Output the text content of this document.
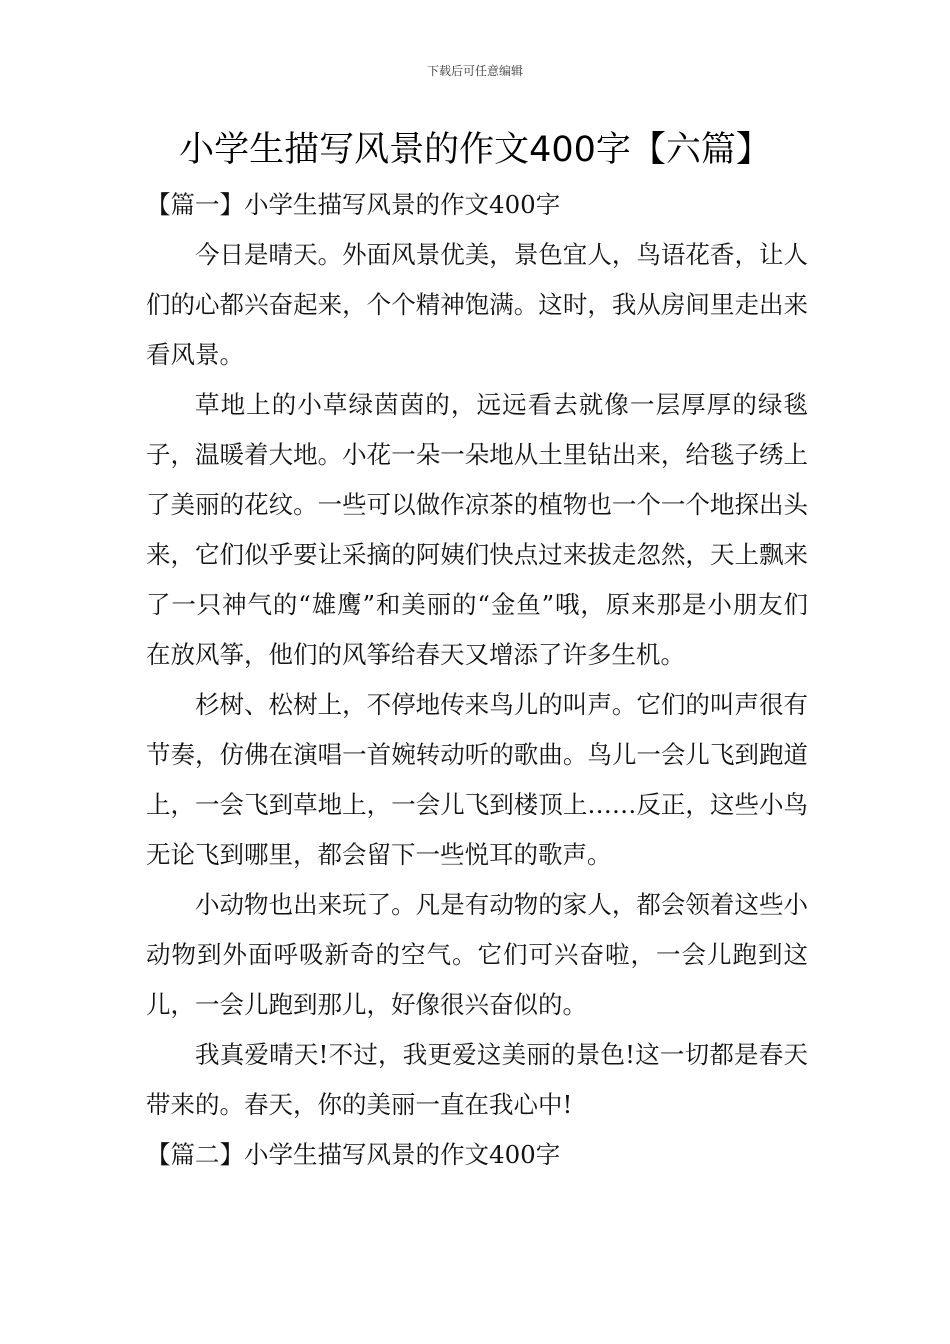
下载后可任意编辑
小学生描写风景的作文400字【六篇】

【篇一】小学生描写风景的作文400字

今日是晴天。外面风景优美，景色宜人，鸟语花香，让人们的心都兴奋起来，个个精神饱满。这时，我从房间里走出来看风景。

草地上的小草绿茵茵的，远远看去就像一层厚厚的绿毯子，温暖着大地。小花一朵一朵地从土里钻出来，给毯子绣上了美丽的花纹。一些可以做作凉茶的植物也一个一个地探出头来，它们似乎要让采摘的阿姨们快点过来拔走忽然，天上飘来了一只神气的“雄鹰”和美丽的“金鱼”哦，原来那是小朋友们在放风筝，他们的风筝给春天又增添了许多生机。

杉树、松树上，不停地传来鸟儿的叫声。它们的叫声很有节奏，仿佛在演唱一首婉转动听的歌曲。鸟儿一会儿飞到跑道上，一会飞到草地上，一会儿飞到楼顶上……反正，这些小鸟无论飞到哪里，都会留下一些悦耳的歌声。

小动物也出来玩了。凡是有动物的家人，都会领着这些小动物到外面呼吸新奇的空气。它们可兴奋啦，一会儿跑到这儿，一会儿跑到那儿，好像很兴奋似的。

我真爱晴天!不过，我更爱这美丽的景色!这一切都是春天带来的。春天，你的美丽一直在我心中!

【篇二】小学生描写风景的作文400字
